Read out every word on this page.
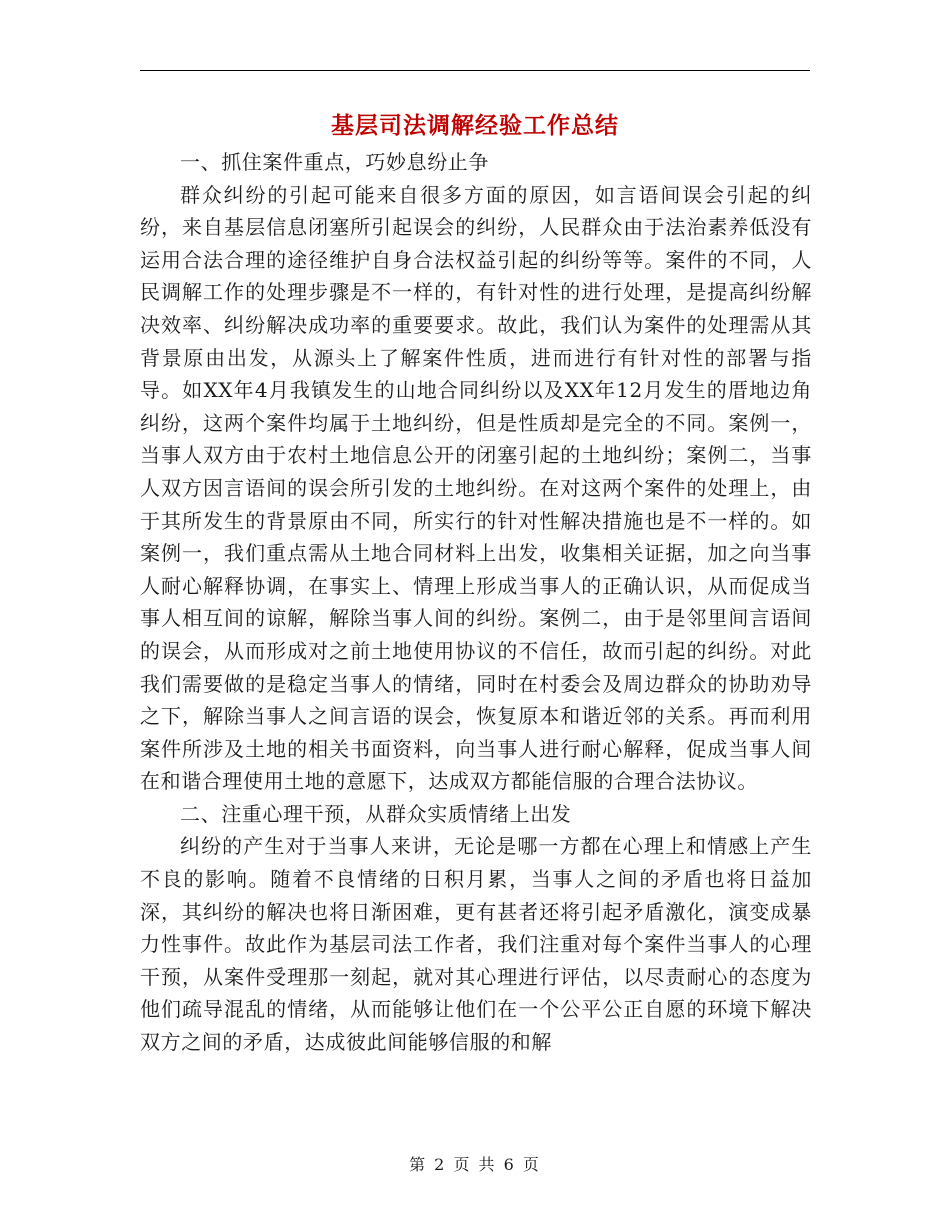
基层司法调解经验工作总结

一、抓住案件重点，巧妙息纷止争

群众纠纷的引起可能来自很多方面的原因，如言语间误会引起的纠纷，来自基层信息闭塞所引起误会的纠纷，人民群众由于法治素养低没有运用合法合理的途径维护自身合法权益引起的纠纷等等。案件的不同，人民调解工作的处理步骤是不一样的，有针对性的进行处理，是提高纠纷解决效率、纠纷解决成功率的重要要求。故此，我们认为案件的处理需从其背景原由出发，从源头上了解案件性质，进而进行有针对性的部署与指导。如XX年4月我镇发生的山地合同纠纷以及XX年12月发生的厝地边角纠纷，这两个案件均属于土地纠纷，但是性质却是完全的不同。案例一，当事人双方由于农村土地信息公开的闭塞引起的土地纠纷；案例二，当事人双方因言语间的误会所引发的土地纠纷。在对这两个案件的处理上，由于其所发生的背景原由不同，所实行的针对性解决措施也是不一样的。如案例一，我们重点需从土地合同材料上出发，收集相关证据，加之向当事人耐心解释协调，在事实上、情理上形成当事人的正确认识，从而促成当事人相互间的谅解，解除当事人间的纠纷。案例二，由于是邻里间言语间的误会，从而形成对之前土地使用协议的不信任，故而引起的纠纷。对此我们需要做的是稳定当事人的情绪，同时在村委会及周边群众的协助劝导之下，解除当事人之间言语的误会，恢复原本和谐近邻的关系。再而利用案件所涉及土地的相关书面资料，向当事人进行耐心解释，促成当事人间在和谐合理使用土地的意愿下，达成双方都能信服的合理合法协议。

二、注重心理干预，从群众实质情绪上出发

纠纷的产生对于当事人来讲，无论是哪一方都在心理上和情感上产生不良的影响。随着不良情绪的日积月累，当事人之间的矛盾也将日益加深，其纠纷的解决也将日渐困难，更有甚者还将引起矛盾激化，演变成暴力性事件。故此作为基层司法工作者，我们注重对每个案件当事人的心理干预，从案件受理那一刻起，就对其心理进行评估，以尽责耐心的态度为他们疏导混乱的情绪，从而能够让他们在一个公平公正自愿的环境下解决双方之间的矛盾，达成彼此间能够信服的和解

第 2 页 共 6 页
